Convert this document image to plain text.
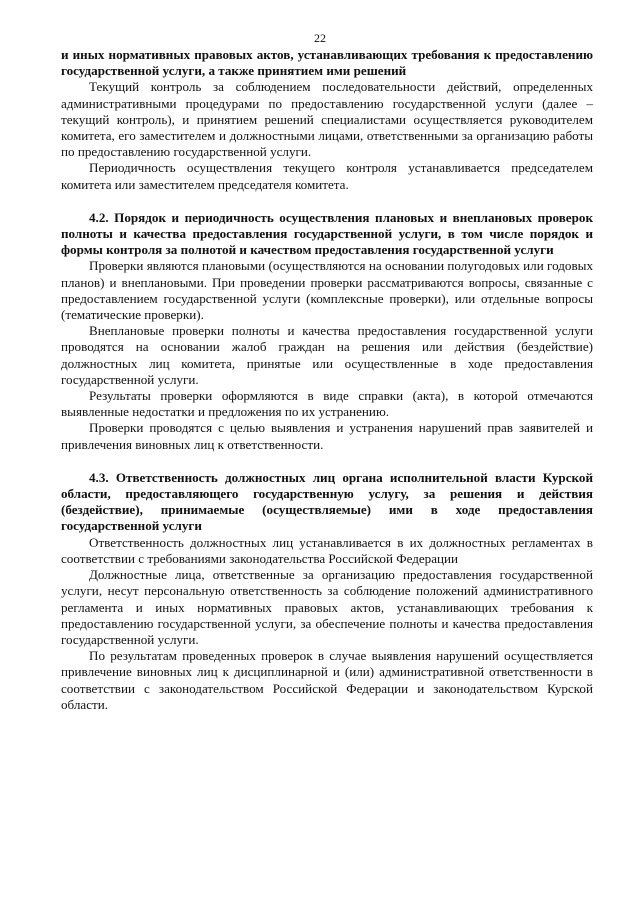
22

и иных нормативных правовых актов, устанавливающих требования к предоставлению государственной услуги, а также принятием ими решений

Текущий контроль за соблюдением последовательности действий, определенных административными процедурами по предоставлению государственной услуги (далее – текущий контроль), и принятием решений специалистами осуществляется руководителем комитета, его заместителем и должностными лицами, ответственными за организацию работы по предоставлению государственной услуги.

Периодичность осуществления текущего контроля устанавливается председателем комитета или заместителем председателя комитета.

4.2. Порядок и периодичность осуществления плановых и внеплановых проверок полноты и качества предоставления государственной услуги, в том числе порядок и формы контроля за полнотой и качеством предоставления государственной услуги

Проверки являются плановыми (осуществляются на основании полугодовых или годовых планов) и внеплановыми. При проведении проверки рассматриваются вопросы, связанные с предоставлением государственной услуги (комплексные проверки), или отдельные вопросы (тематические проверки).

Внеплановые проверки полноты и качества предоставления государственной услуги проводятся на основании жалоб граждан на решения или действия (бездействие) должностных лиц комитета, принятые или осуществленные в ходе предоставления государственной услуги.

Результаты проверки оформляются в виде справки (акта), в которой отмечаются выявленные недостатки и предложения по их устранению.

Проверки проводятся с целью выявления и устранения нарушений прав заявителей и привлечения виновных лиц к ответственности.

4.3. Ответственность должностных лиц органа исполнительной власти Курской области, предоставляющего государственную услугу, за решения и действия (бездействие), принимаемые (осуществляемые) ими в ходе предоставления государственной услуги

Ответственность должностных лиц устанавливается в их должностных регламентах в соответствии с требованиями законодательства Российской Федерации

Должностные лица, ответственные за организацию предоставления государственной услуги, несут персональную ответственность за соблюдение положений административного регламента и иных нормативных правовых актов, устанавливающих требования к предоставлению государственной услуги, за обеспечение полноты и качества предоставления государственной услуги.

По результатам проведенных проверок в случае выявления нарушений осуществляется привлечение виновных лиц к дисциплинарной и (или) административной ответственности в соответствии с законодательством Российской Федерации и законодательством Курской области.
